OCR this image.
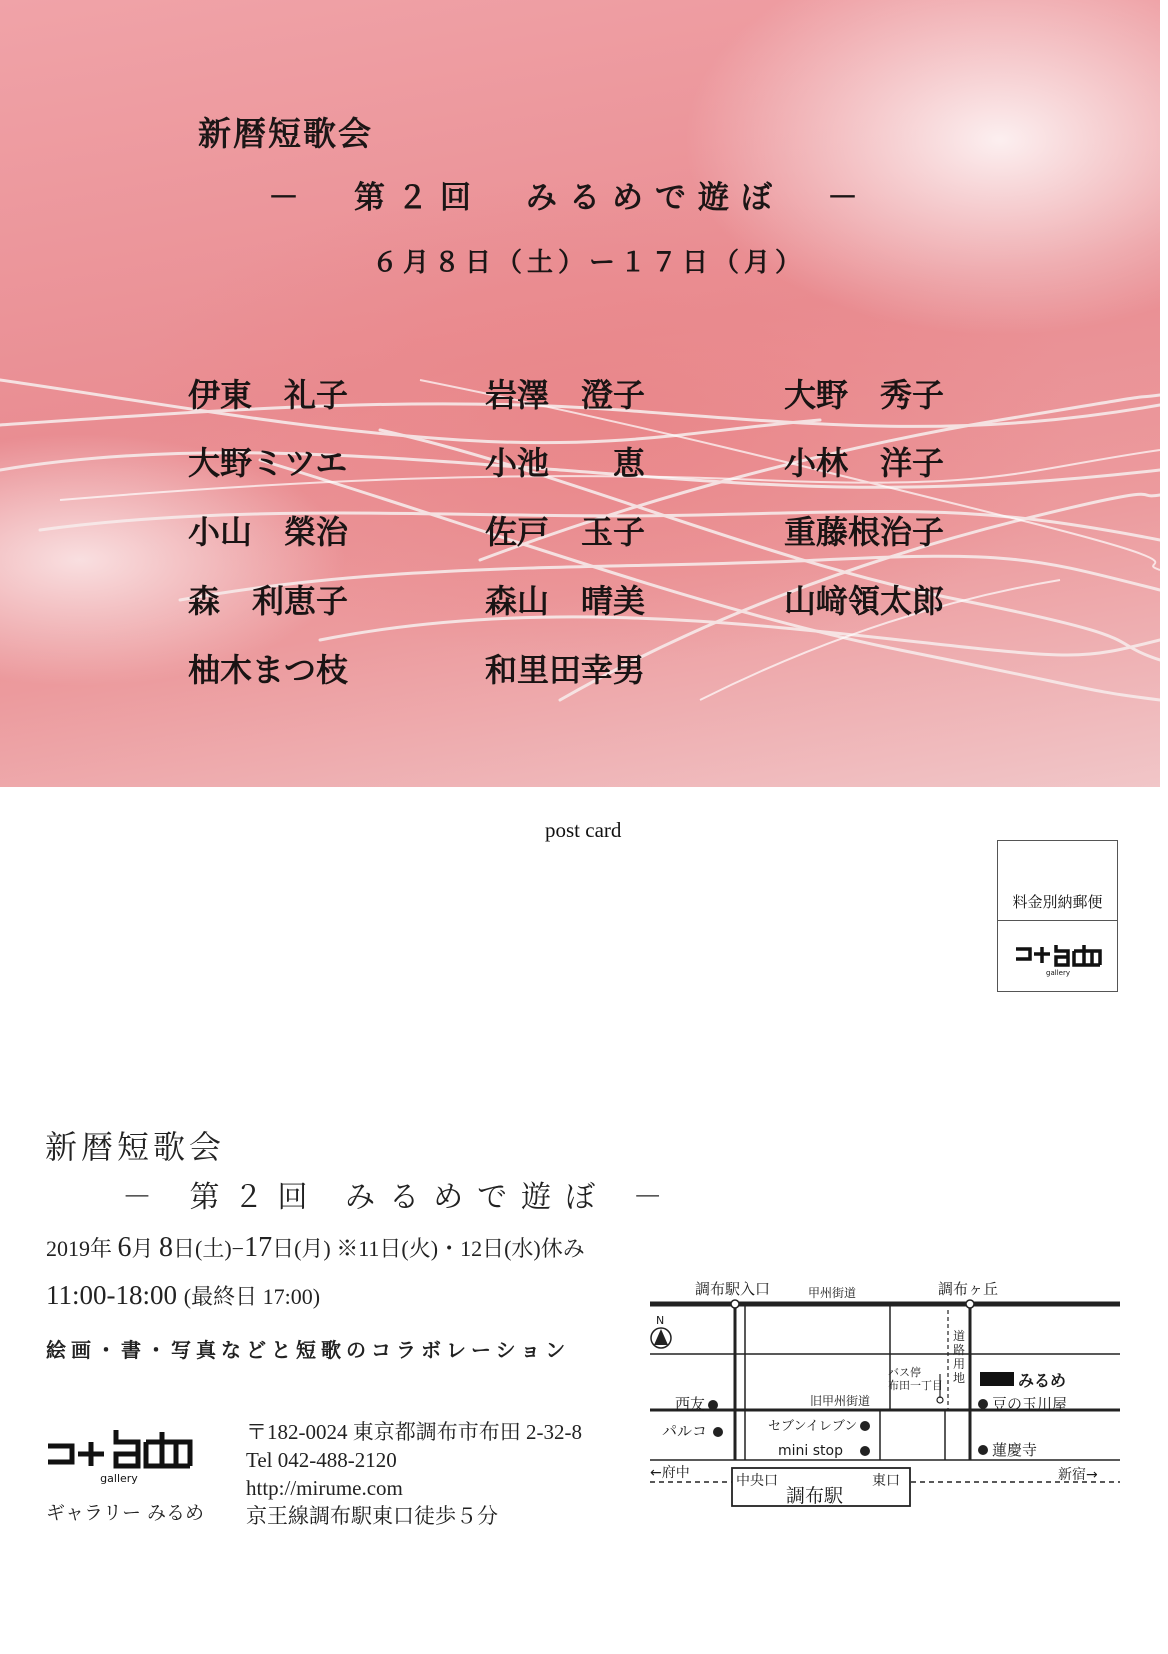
新暦短歌会
－　第２回　みるめで遊ぼ　－
６月８日（土）ー１７日（月）
伊東　礼子	岩澤　澄子	大野　秀子
大野ミツエ	小池　　恵	小林　洋子
小山　榮治	佐戸　玉子	重藤根治子
森　利恵子	森山　晴美	山﨑領太郎
柚木まつ枝	和里田幸男
post card
料金別納郵便
gallery
新暦短歌会
－ 第２回 みるめで遊ぼ －
2019年 6月 8日(土)−17日(月) ※11日(火)・12日(水)休み
11:00-18:00 (最終日 17:00)
絵画・書・写真などと短歌のコラボレーション
gallery
ギャラリー みるめ
〒182-0024 東京都調布市布田 2-32-8
Tel 042-488-2120
http://mirume.com
京王線調布駅東口徒歩５分
調布駅入口	甲州街道	調布ヶ丘
N
西友
パルコ
旧甲州街道
バス停
布田一丁目
道
路
用
地	みるめ
豆の玉川屋
セブンイレブン
mini stop	蓮慶寺
←府中	中央口
調布駅
東口	新宿→
